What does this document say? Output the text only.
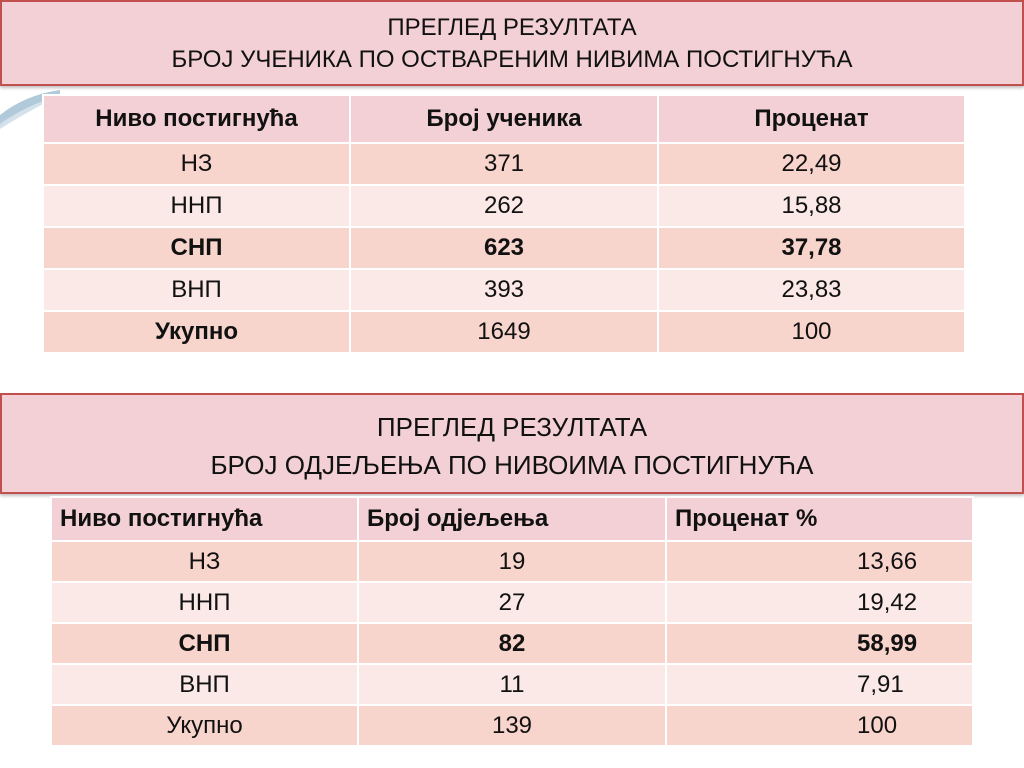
ПРЕГЛЕД РЕЗУЛТАТА
БРОЈ УЧЕНИКА ПО ОСТВАРЕНИМ НИВИМА ПОСТИГНУЋА
Ниво постигнућа	Број ученика	Проценат
НЗ	371	22,49
ННП	262	15,88
СНП	623	37,78
ВНП	393	23,83
Укупно	1649	100
ПРЕГЛЕД РЕЗУЛТАТА
БРОЈ ОДЈЕЉЕЊА ПО НИВОИМА ПОСТИГНУЋА
Ниво постигнућа	Број одјељења	Проценат %
НЗ	19	13,66
ННП	27	19,42
СНП	82	58,99
ВНП	11	7,91
Укупно	139	100
